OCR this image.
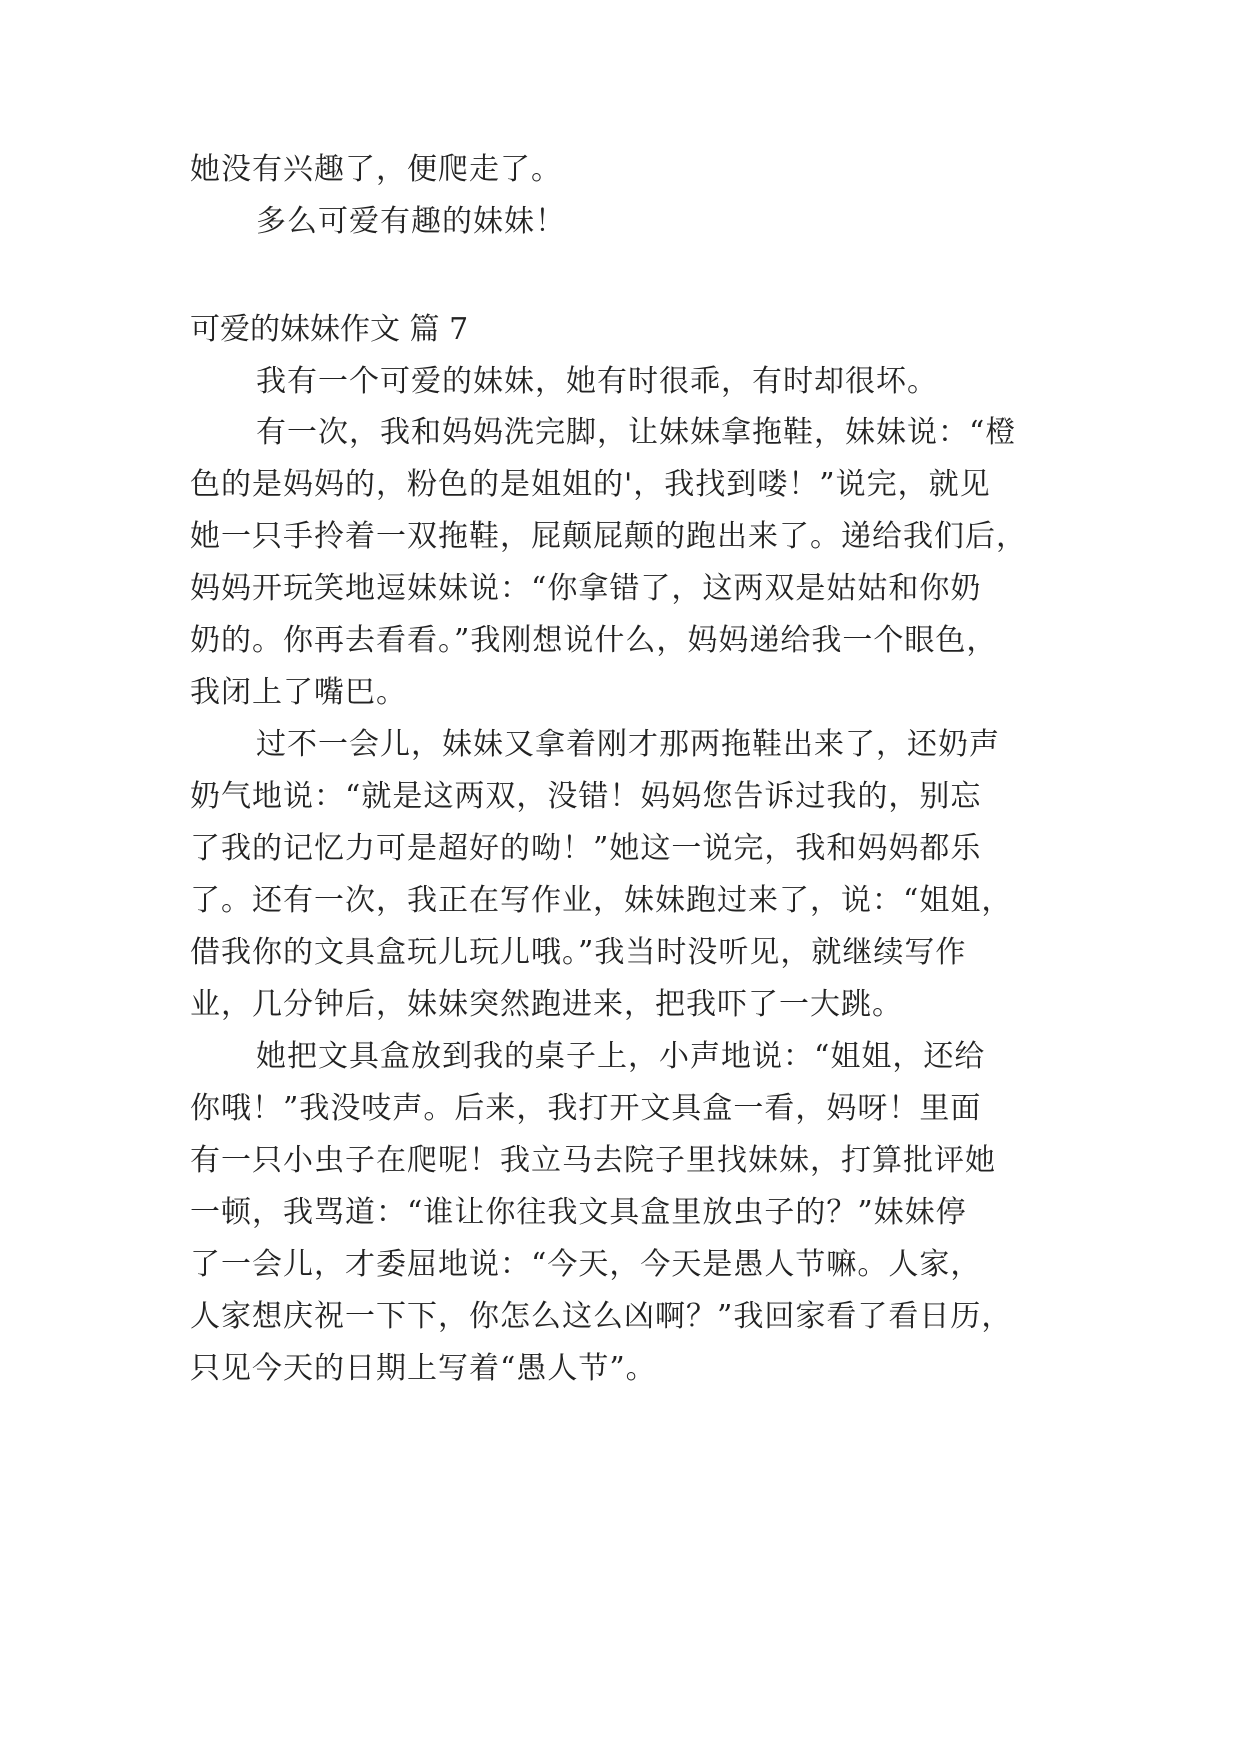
她没有兴趣了，便爬走了。
多么可爱有趣的妹妹！
可爱的妹妹作文 篇 7
我有一个可爱的妹妹，她有时很乖，有时却很坏。
有一次，我和妈妈洗完脚，让妹妹拿拖鞋，妹妹说：“橙
色的是妈妈的，粉色的是姐姐的'，我找到喽！”说完，就见
她一只手拎着一双拖鞋，屁颠屁颠的跑出来了。递给我们后，
妈妈开玩笑地逗妹妹说：“你拿错了，这两双是姑姑和你奶
奶的。你再去看看。”我刚想说什么，妈妈递给我一个眼色，
我闭上了嘴巴。
过不一会儿，妹妹又拿着刚才那两拖鞋出来了，还奶声
奶气地说：“就是这两双，没错！妈妈您告诉过我的，别忘
了我的记忆力可是超好的呦！”她这一说完，我和妈妈都乐
了。还有一次，我正在写作业，妹妹跑过来了，说：“姐姐，
借我你的文具盒玩儿玩儿哦。”我当时没听见，就继续写作
业，几分钟后，妹妹突然跑进来，把我吓了一大跳。
她把文具盒放到我的桌子上，小声地说：“姐姐，还给
你哦！”我没吱声。后来，我打开文具盒一看，妈呀！里面
有一只小虫子在爬呢！我立马去院子里找妹妹，打算批评她
一顿，我骂道：“谁让你往我文具盒里放虫子的？”妹妹停
了一会儿，才委屈地说：“今天，今天是愚人节嘛。人家，
人家想庆祝一下下，你怎么这么凶啊？”我回家看了看日历，
只见今天的日期上写着“愚人节”。
